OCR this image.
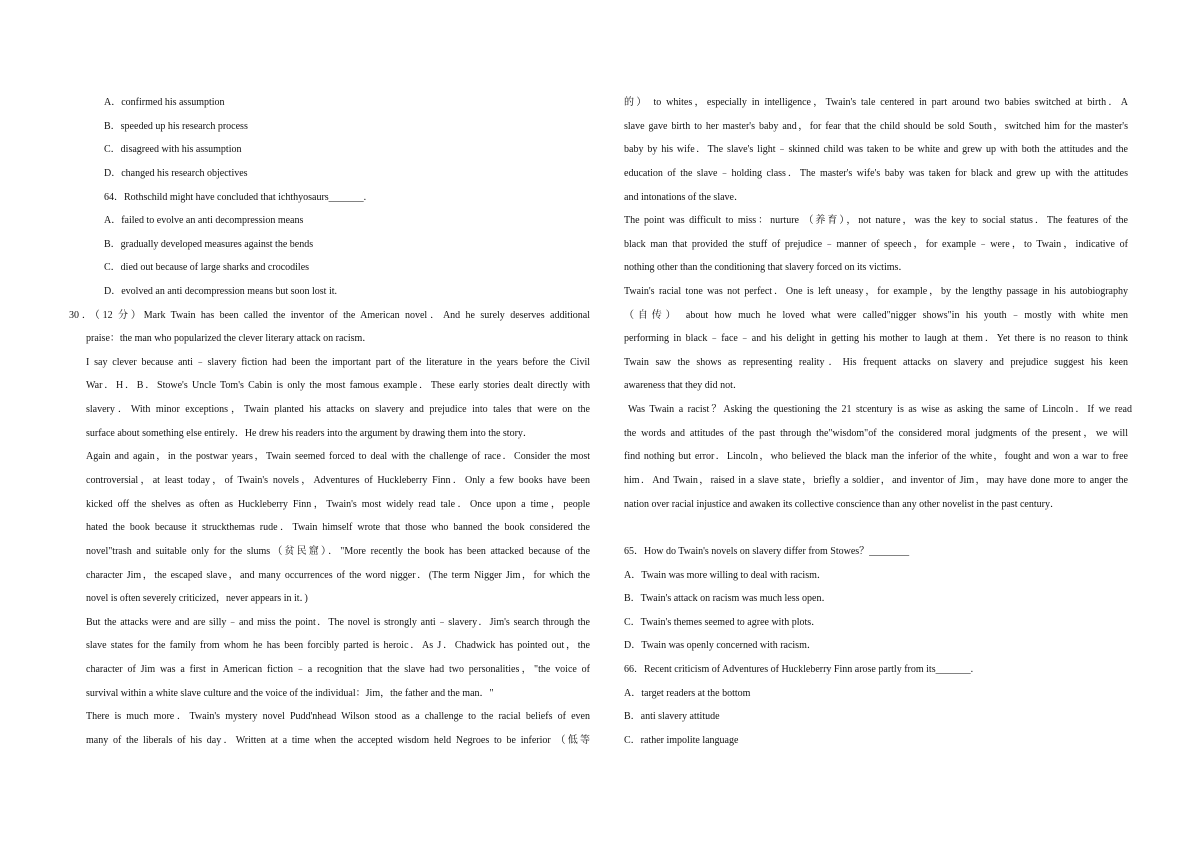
A．confirmed his assumption
B．speeded up his research process
C．disagreed with his assumption
D．changed his research objectives
64．Rothschild might have concluded that ichthyosaurs_______.
A．failed to evolve an anti decompression means
B．gradually developed measures against the bends
C．died out because of large sharks and crocodiles
D．evolved an anti decompression means but soon lost it.
30．（12 分）Mark Twain has been called the inventor of the American novel．And he surely deserves additional
praise：the man who popularized the clever literary attack on racism．
I say clever because anti﹣slavery fiction had been the important part of the literature in the years before the Civil
War．H．B．Stowe's Uncle Tom's Cabin is only the most famous example．These early stories dealt directly with
slavery．With minor exceptions，Twain planted his attacks on slavery and prejudice into tales that were on the
surface about something else entirely．He drew his readers into the argument by drawing them into the story．
Again and again，in the postwar years，Twain seemed forced to deal with the challenge of race．Consider the most
controversial，at least today，of Twain's novels，Adventures of Huckleberry Finn．Only a few books have been
kicked off the shelves as often as Huckleberry Finn，Twain's most widely read tale．Once upon a time，people
hated the book because it struckthemas rude．Twain himself wrote that those who banned the book considered the
novel"trash and suitable only for the slums（贫民窟）．"More recently the book has been attacked because of the
character Jim，the escaped slave，and many occurrences of the word nigger．(The term Nigger Jim，for which the
novel is often severely criticized，never appears in it．)
But the attacks were and are silly﹣and miss the point．The novel is strongly anti﹣slavery．Jim's search through the
slave states for the family from whom he has been forcibly parted is heroic．As J．Chadwick has pointed out，the
character of Jim was a first in American fiction﹣a recognition that the slave had two personalities，"the voice of
survival within a white slave culture and the voice of the individual：Jim，the father and the man．"
There is much more．Twain's mystery novel Pudd'nhead Wilson stood as a challenge to the racial beliefs of even
many of the liberals of his day．Written at a time when the accepted wisdom held Negroes to be inferior （低等
的） to whites，especially in intelligence，Twain's tale centered in part around two babies switched at birth．A
slave gave birth to her master's baby and，for fear that the child should be sold South，switched him for the master's
baby by his wife．The slave's light﹣skinned child was taken to be white and grew up with both the attitudes and the
education of the slave﹣holding class．The master's wife's baby was taken for black and grew up with the attitudes
and intonations of the slave．
The point was difficult to miss：nurture （养育），not nature，was the key to social status．The features of the
black man that provided the stuff of prejudice﹣manner of speech，for example﹣were，to Twain，indicative of
nothing other than the conditioning that slavery forced on its victims．
Twain's racial tone was not perfect．One is left uneasy，for example，by the lengthy passage in his autobiography
（自传） about how much he loved what were called"nigger shows"in his youth﹣mostly with white men
performing in black﹣face﹣and his delight in getting his mother to laugh at them．Yet there is no reason to think
Twain saw the shows as representing reality．His frequent attacks on slavery and prejudice suggest his keen
awareness that they did not．
Was Twain a racist？Asking the questioning the 21 stcentury is as wise as asking the same of Lincoln．If we read
the words and attitudes of the past through the"wisdom"of the considered moral judgments of the present，we will
find nothing but error．Lincoln，who believed the black man the inferior of the white，fought and won a war to free
him．And Twain，raised in a slave state，briefly a soldier，and inventor of Jim，may have done more to anger the
nation over racial injustice and awaken its collective conscience than any other novelist in the past century．
65．How do Twain's novels on slavery differ from Stowes？________
A．Twain was more willing to deal with racism．
B．Twain's attack on racism was much less open．
C．Twain's themes seemed to agree with plots．
D．Twain was openly concerned with racism．
66．Recent criticism of Adventures of Huckleberry Finn arose partly from its_______.
A．target readers at the bottom
B．anti slavery attitude
C．rather impolite language
